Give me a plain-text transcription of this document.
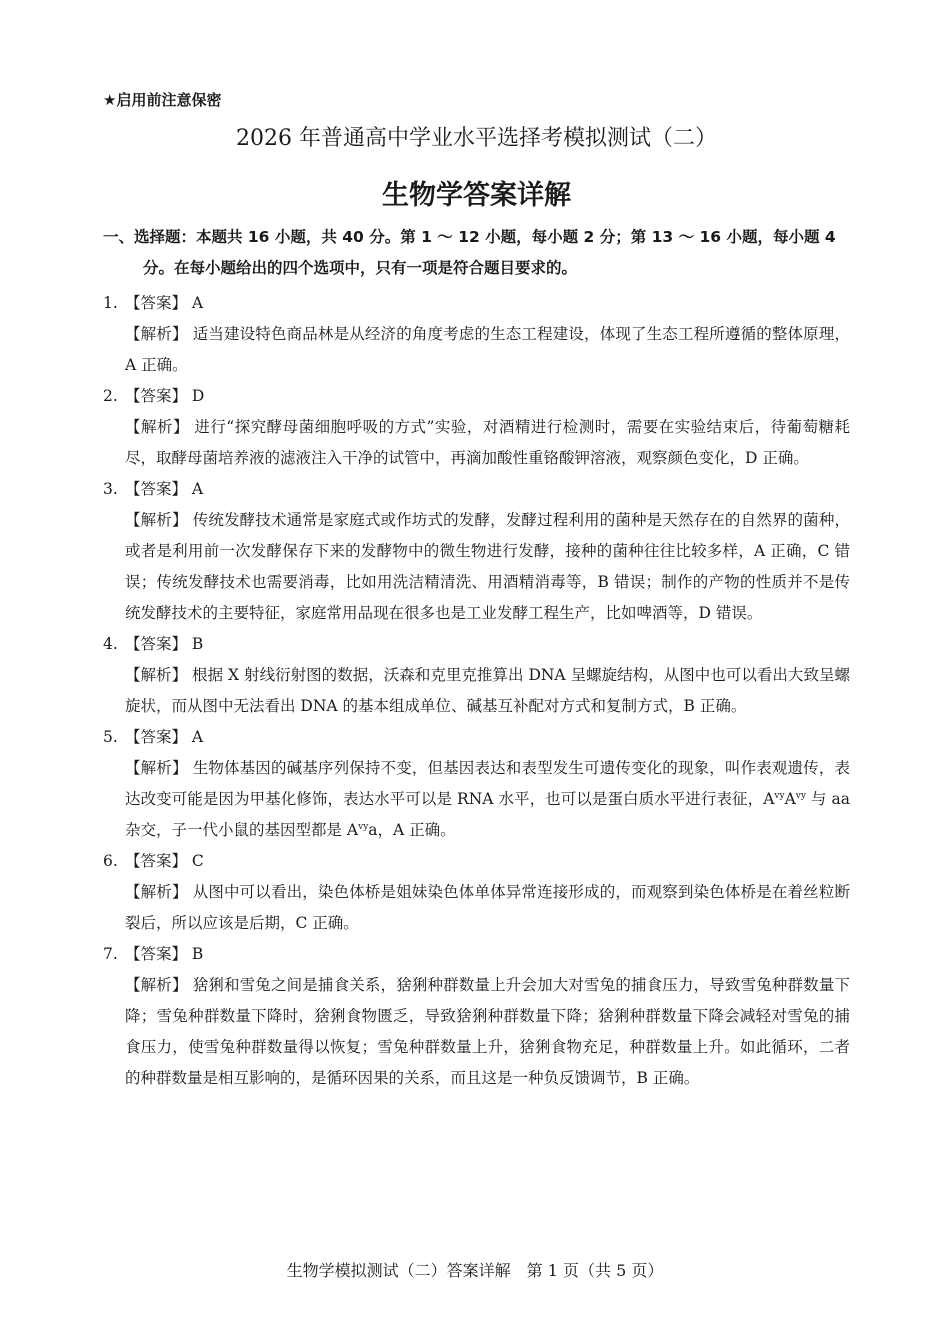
★启用前注意保密
2026 年普通高中学业水平选择考模拟测试（二）
生物学答案详解
一、选择题：本题共 16 小题，共 40 分。第 1 ～ 12 小题，每小题 2 分；第 13 ～ 16 小题，每小题 4 分。在每小题给出的四个选项中，只有一项是符合题目要求的。
1. 【答案】 A

【解析】 适当建设特色商品林是从经济的角度考虑的生态工程建设，体现了生态工程所遵循的整体原理，A 正确。

2. 【答案】 D

【解析】 进行“探究酵母菌细胞呼吸的方式”实验，对酒精进行检测时，需要在实验结束后，待葡萄糖耗尽，取酵母菌培养液的滤液注入干净的试管中，再滴加酸性重铬酸钾溶液，观察颜色变化，D 正确。

3. 【答案】 A

【解析】 传统发酵技术通常是家庭式或作坊式的发酵，发酵过程利用的菌种是天然存在的自然界的菌种，或者是利用前一次发酵保存下来的发酵物中的微生物进行发酵，接种的菌种往往比较多样，A 正确，C 错误；传统发酵技术也需要消毒，比如用洗洁精清洗、用酒精消毒等，B 错误；制作的产物的性质并不是传统发酵技术的主要特征，家庭常用品现在很多也是工业发酵工程生产，比如啤酒等，D 错误。

4. 【答案】 B

【解析】 根据 X 射线衍射图的数据，沃森和克里克推算出 DNA 呈螺旋结构，从图中也可以看出大致呈螺旋状，而从图中无法看出 DNA 的基本组成单位、碱基互补配对方式和复制方式，B 正确。

5. 【答案】 A

【解析】 生物体基因的碱基序列保持不变，但基因表达和表型发生可遗传变化的现象，叫作表观遗传，表达改变可能是因为甲基化修饰，表达水平可以是 RNA 水平，也可以是蛋白质水平进行表征，$A^{vy}A^{vy}$ 与 aa 杂交，子一代小鼠的基因型都是 $A^{vy}a$，A 正确。

6. 【答案】 C

【解析】 从图中可以看出，染色体桥是姐妹染色体单体异常连接形成的，而观察到染色体桥是在着丝粒断裂后，所以应该是后期，C 正确。

7. 【答案】 B

【解析】 猞猁和雪兔之间是捕食关系，猞猁种群数量上升会加大对雪兔的捕食压力，导致雪兔种群数量下降；雪兔种群数量下降时，猞猁食物匮乏，导致猞猁种群数量下降；猞猁种群数量下降会减轻对雪兔的捕食压力，使雪兔种群数量得以恢复；雪兔种群数量上升，猞猁食物充足，种群数量上升。如此循环，二者的种群数量是相互影响的，是循环因果的关系，而且这是一种负反馈调节，B 正确。

生物学模拟测试（二）答案详解　第 1 页（共 5 页）
